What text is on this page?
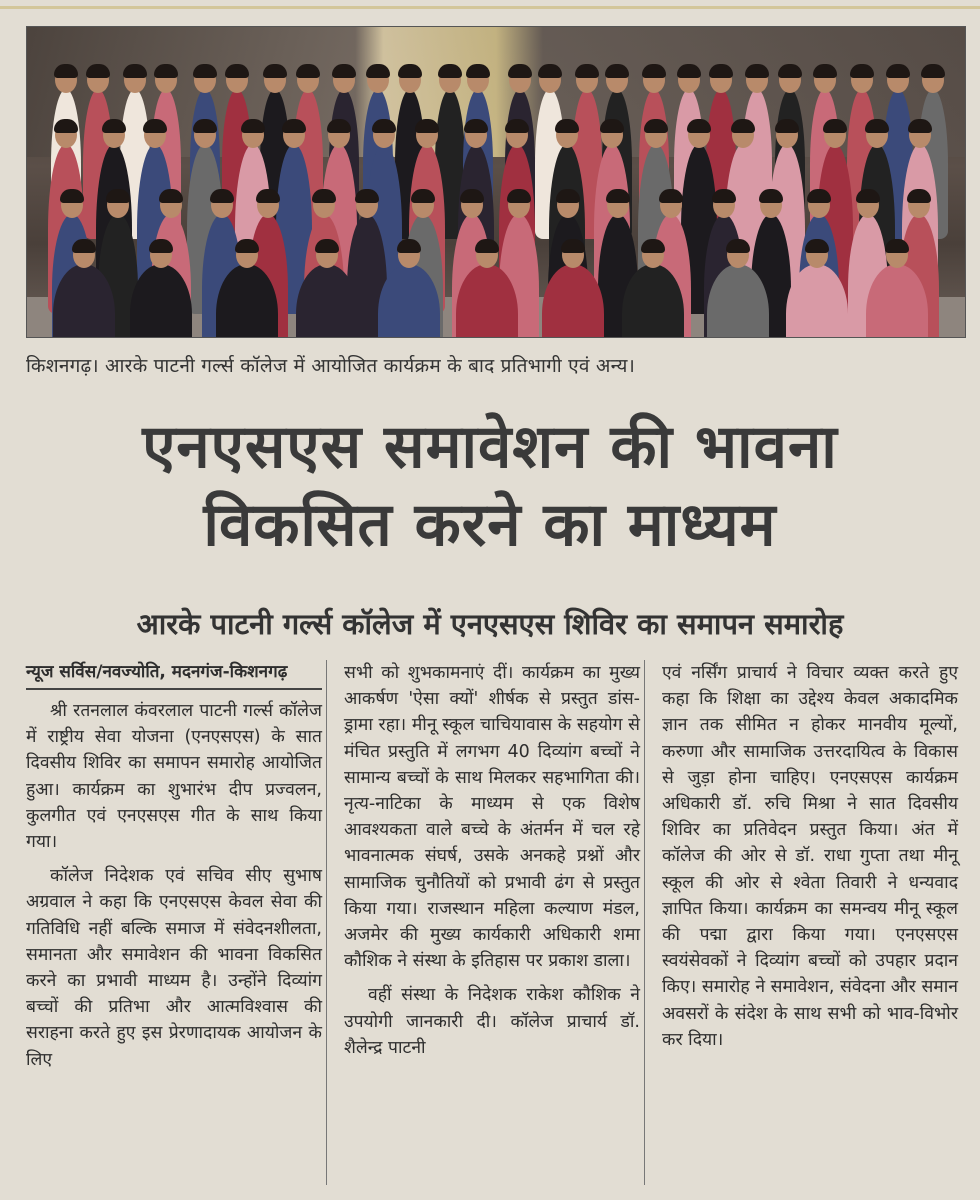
किशनगढ़। आरके पाटनी गर्ल्स कॉलेज में आयोजित कार्यक्रम के बाद प्रतिभागी एवं अन्य।
एनएसएस समावेशन की भावना
विकसित करने का माध्यम
आरके पाटनी गर्ल्स कॉलेज में एनएसएस शिविर का समापन समारोह
न्यूज सर्विस/नवज्योति, मदनगंज-किशनगढ़

श्री रतनलाल कंवरलाल पाटनी गर्ल्स कॉलेज में राष्ट्रीय सेवा योजना (एनएसएस) के सात दिवसीय शिविर का समापन समारोह आयोजित हुआ। कार्यक्रम का शुभारंभ दीप प्रज्वलन, कुलगीत एवं एनएसएस गीत के साथ किया गया।

कॉलेज निदेशक एवं सचिव सीए सुभाष अग्रवाल ने कहा कि एनएसएस केवल सेवा की गतिविधि नहीं बल्कि समाज में संवेदनशीलता, समानता और समावेशन की भावना विकसित करने का प्रभावी माध्यम है। उन्होंने दिव्यांग बच्चों की प्रतिभा और आत्मविश्वास की सराहना करते हुए इस प्रेरणादायक आयोजन के लिए

सभी को शुभकामनाएं दीं। कार्यक्रम का मुख्य आकर्षण 'ऐसा क्यों' शीर्षक से प्रस्तुत डांस-ड्रामा रहा। मीनू स्कूल चाचियावास के सहयोग से मंचित प्रस्तुति में लगभग 40 दिव्यांग बच्चों ने सामान्य बच्चों के साथ मिलकर सहभागिता की। नृत्य-नाटिका के माध्यम से एक विशेष आवश्यकता वाले बच्चे के अंतर्मन में चल रहे भावनात्मक संघर्ष, उसके अनकहे प्रश्नों और सामाजिक चुनौतियों को प्रभावी ढंग से प्रस्तुत किया गया। राजस्थान महिला कल्याण मंडल, अजमेर की मुख्य कार्यकारी अधिकारी शमा कौशिक ने संस्था के इतिहास पर प्रकाश डाला।

वहीं संस्था के निदेशक राकेश कौशिक ने उपयोगी जानकारी दी। कॉलेज प्राचार्य डॉ. शैलेन्द्र पाटनी

एवं नर्सिंग प्राचार्य ने विचार व्यक्त करते हुए कहा कि शिक्षा का उद्देश्य केवल अकादमिक ज्ञान तक सीमित न होकर मानवीय मूल्यों, करुणा और सामाजिक उत्तरदायित्व के विकास से जुड़ा होना चाहिए। एनएसएस कार्यक्रम अधिकारी डॉ. रुचि मिश्रा ने सात दिवसीय शिविर का प्रतिवेदन प्रस्तुत किया। अंत में कॉलेज की ओर से डॉ. राधा गुप्ता तथा मीनू स्कूल की ओर से श्वेता तिवारी ने धन्यवाद ज्ञापित किया। कार्यक्रम का समन्वय मीनू स्कूल की पद्मा द्वारा किया गया। एनएसएस स्वयंसेवकों ने दिव्यांग बच्चों को उपहार प्रदान किए। समारोह ने समावेशन, संवेदना और समान अवसरों के संदेश के साथ सभी को भाव-विभोर कर दिया।
